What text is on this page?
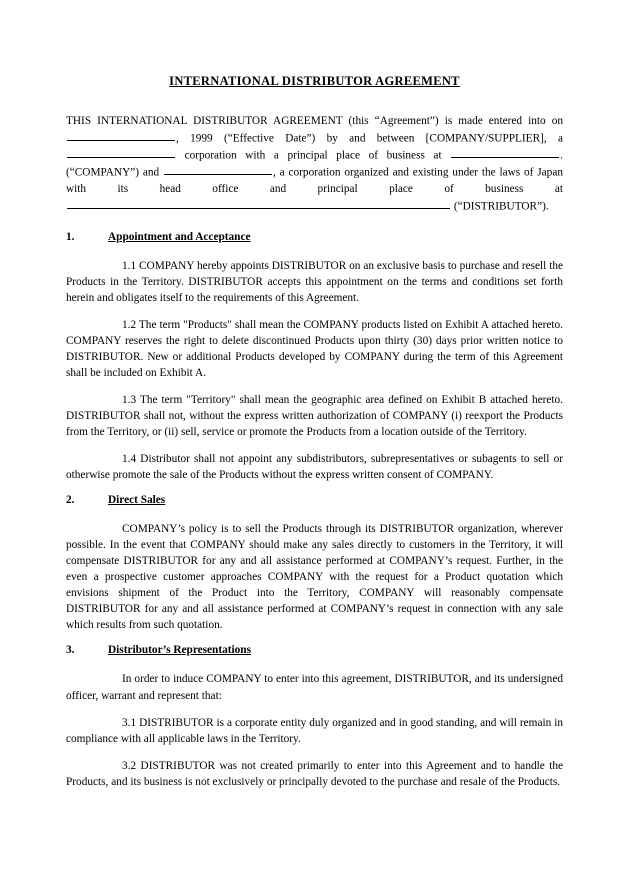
INTERNATIONAL DISTRIBUTOR AGREEMENT
THIS INTERNATIONAL DISTRIBUTOR AGREEMENT (this “Agreement”) is made entered into on , 1999 (“Effective Date”) by and between [COMPANY/SUPPLIER], a  corporation with a principal place of business at	. (“COMPANY”) and	, a corporation organized and existing under the laws of Japan with its head office and principal place of business at  (“DISTRIBUTOR”).
1.	Appointment and Acceptance

1.1 COMPANY hereby appoints DISTRIBUTOR on an exclusive basis to purchase and resell the Products in the Territory. DISTRIBUTOR accepts this appointment on the terms and conditions set forth herein and obligates itself to the requirements of this Agreement.

1.2 The term "Products" shall mean the COMPANY products listed on Exhibit A attached hereto. COMPANY reserves the right to delete discontinued Products upon thirty (30) days prior written notice to DISTRIBUTOR. New or additional Products developed by COMPANY during the term of this Agreement shall be included on Exhibit A.

1.3 The term "Territory" shall mean the geographic area defined on Exhibit B attached hereto. DISTRIBUTOR shall not, without the express written authorization of COMPANY (i) reexport the Products from the Territory, or (ii) sell, service or promote the Products from a location outside of the Territory.

1.4 Distributor shall not appoint any subdistributors, subrepresentatives or subagents to sell or otherwise promote the sale of the Products without the express written consent of COMPANY.

2.	Direct Sales

COMPANY’s policy is to sell the Products through its DISTRIBUTOR organization, wherever possible. In the event that COMPANY should make any sales directly to customers in the Territory, it will compensate DISTRIBUTOR for any and all assistance performed at COMPANY’s request. Further, in the even a prospective customer approaches COMPANY with the request for a Product quotation which envisions shipment of the Product into the Territory, COMPANY will reasonably compensate DISTRIBUTOR for any and all assistance performed at COMPANY’s request in connection with any sale which results from such quotation.

3.	Distributor’s Representations

In order to induce COMPANY to enter into this agreement, DISTRIBUTOR, and its undersigned officer, warrant and represent that:

3.1 DISTRIBUTOR is a corporate entity duly organized and in good standing, and will remain in compliance with all applicable laws in the Territory.

3.2 DISTRIBUTOR was not created primarily to enter into this Agreement and to handle the Products, and its business is not exclusively or principally devoted to the purchase and resale of the Products.
